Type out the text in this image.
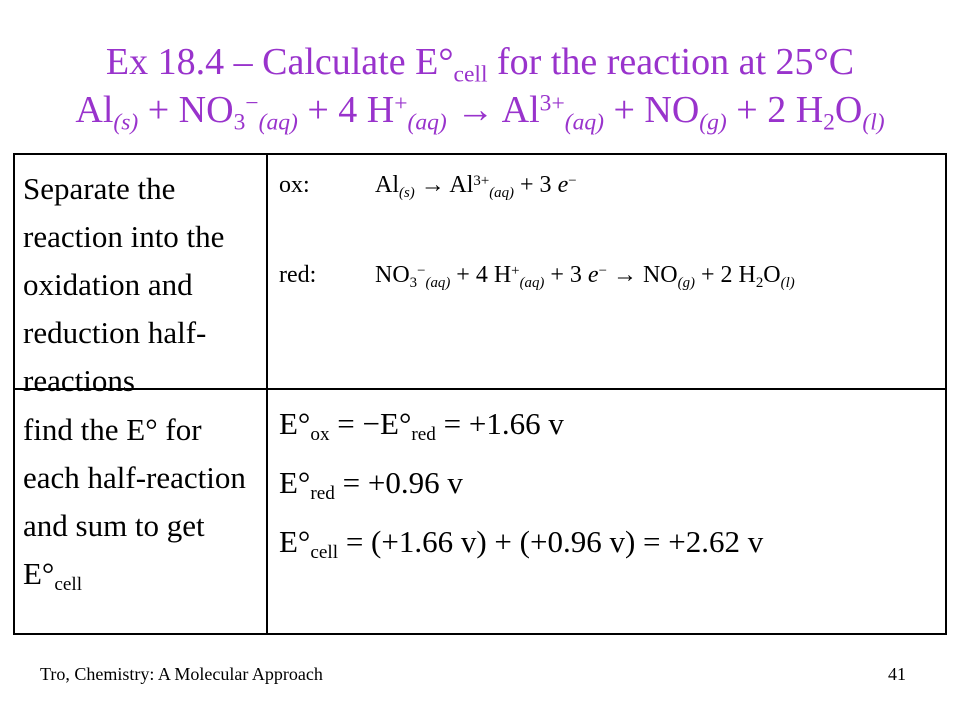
Ex 18.4 – Calculate $E^\circ_{cell}$ for the reaction at 25°C
$Al_{(s)} + NO_3^-_{(aq)} + 4$ $H^+_{(aq)} \to Al^{3+}_{(aq)} + NO_{(g)} + 2$ $H_2O_{(l)}$
Separate the reaction into the oxidation and reduction half-reactions
ox:	$Al_{(s)} \to Al^{3+}_{(aq)} + 3$ e−
red: $NO_3^-_{(aq)} + 4$ $H^+_{(aq)} + 3$ $e^- \to NO_{(g)} + 2$ $H_2O_{(l)}$
find the E° for each half-reaction and sum to get $E^\circ_{cell}$
$E^\circ_{ox} = -E^\circ_{red} = +1.66$ v
$E^\circ_{red} = +0.96$ v
$E^\circ_{cell} = (+1.66$ v) + (+0.96 v) = +2.62 v
Tro, Chemistry: A Molecular Approach	41
